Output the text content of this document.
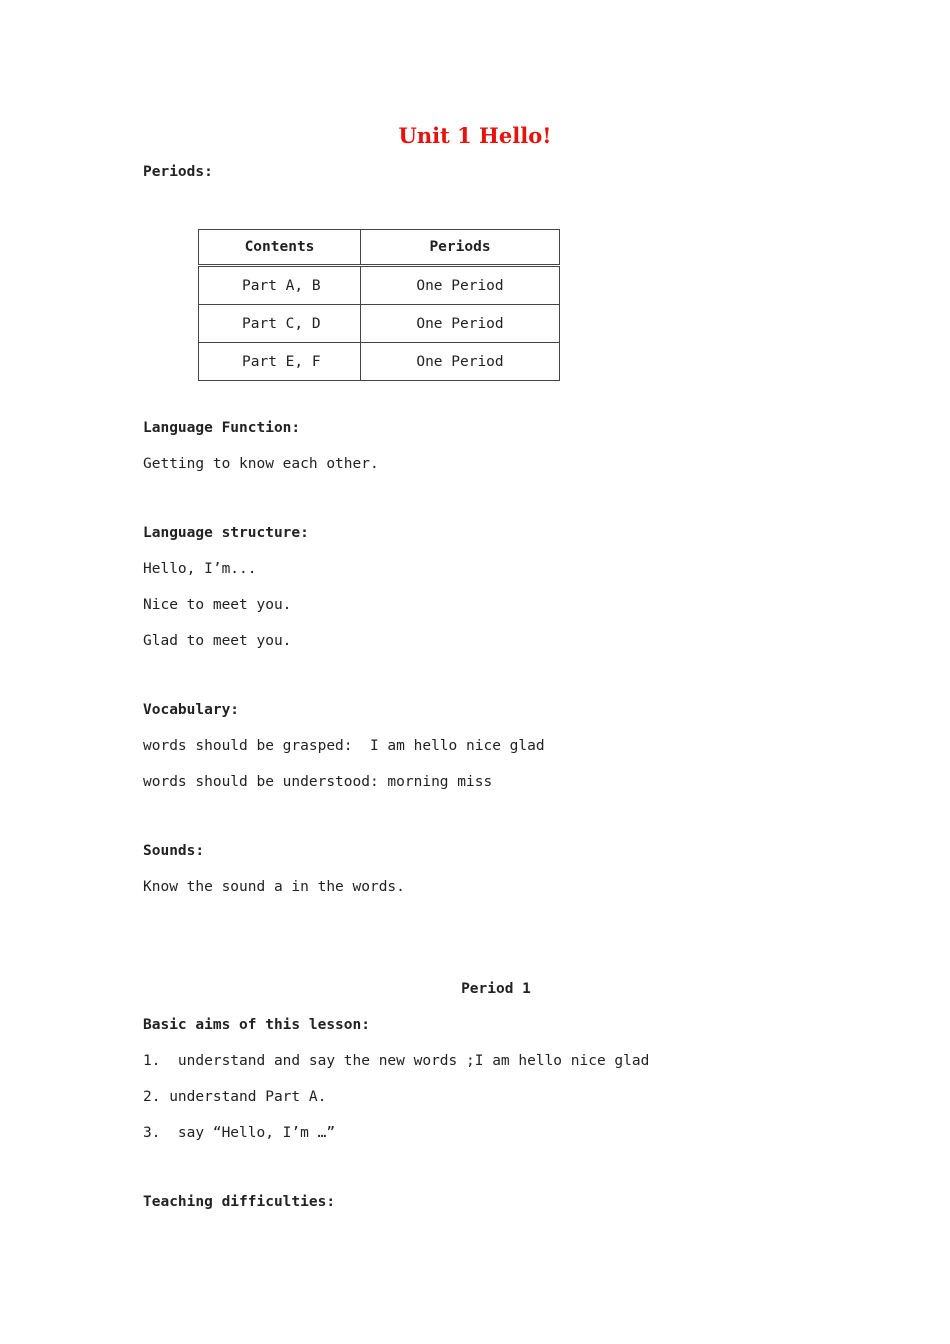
Unit 1 Hello!
Periods:
Contents	Periods
Part A, B	One Period
Part C, D	One Period
Part E, F	One Period
Language Function:
Getting to know each other.
Language structure:
Hello, I’m...
Nice to meet you.
Glad to meet you.
Vocabulary:
words should be grasped:  I am hello nice glad
words should be understood: morning miss
Sounds:
Know the sound a in the words.
Period 1
Basic aims of this lesson:
1.  understand and say the new words ;I am hello nice glad
2. understand Part A.
3.  say “Hello, I’m …”
Teaching difficulties:
